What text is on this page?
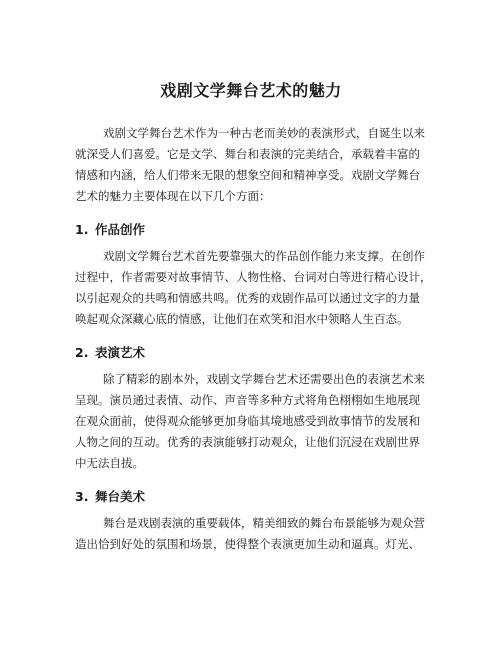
戏剧文学舞台艺术的魅力
戏剧文学舞台艺术作为一种古老而美妙的表演形式，自诞生以来
就深受人们喜爱。它是文学、舞台和表演的完美结合，承载着丰富的
情感和内涵，给人们带来无限的想象空间和精神享受。戏剧文学舞台
艺术的魅力主要体现在以下几个方面：
1. 作品创作
戏剧文学舞台艺术首先要靠强大的作品创作能力来支撑。在创作
过程中，作者需要对故事情节、人物性格、台词对白等进行精心设计，
以引起观众的共鸣和情感共鸣。优秀的戏剧作品可以通过文字的力量
唤起观众深藏心底的情感，让他们在欢笑和泪水中领略人生百态。
2. 表演艺术
除了精彩的剧本外，戏剧文学舞台艺术还需要出色的表演艺术来
呈现。演员通过表情、动作、声音等多种方式将角色栩栩如生地展现
在观众面前，使得观众能够更加身临其境地感受到故事情节的发展和
人物之间的互动。优秀的表演能够打动观众，让他们沉浸在戏剧世界
中无法自拔。
3. 舞台美术
舞台是戏剧表演的重要载体，精美细致的舞台布景能够为观众营
造出恰到好处的氛围和场景，使得整个表演更加生动和逼真。灯光、
